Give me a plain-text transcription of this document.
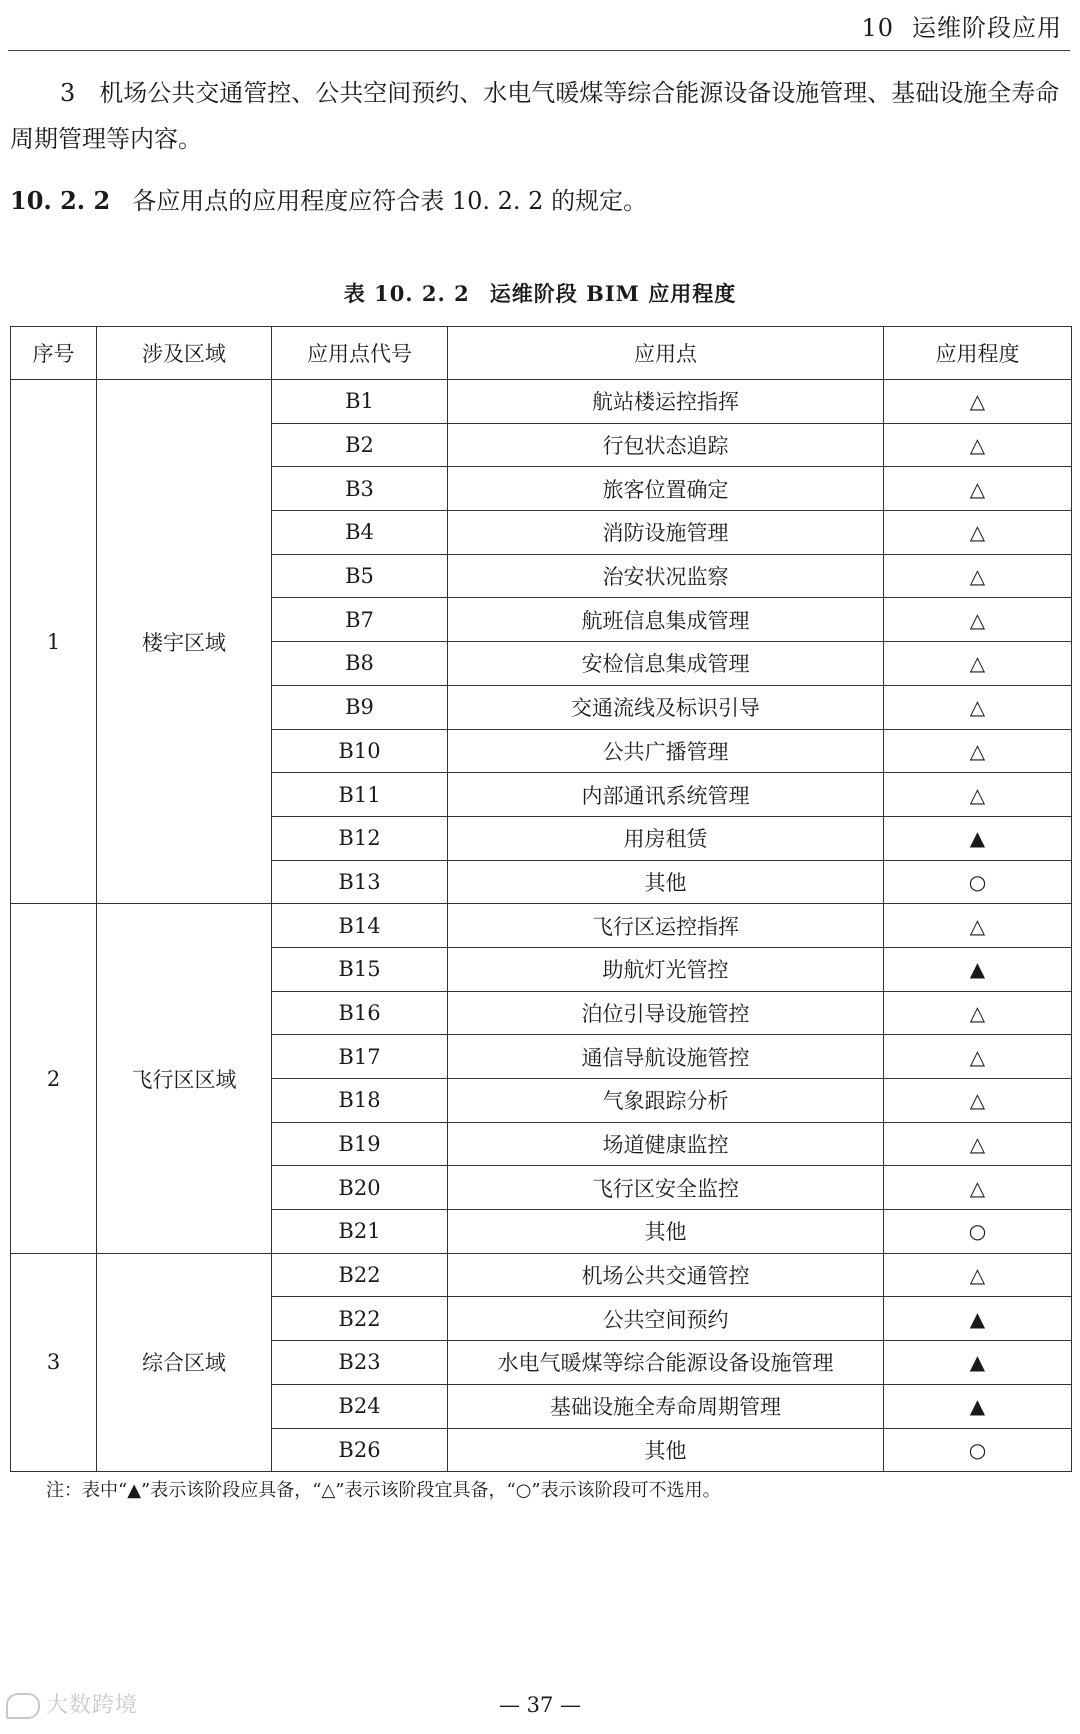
10 运维阶段应用
3　机场公共交通管控、公共空间预约、水电气暖煤等综合能源设备设施管理、基础设施全寿命周期管理等内容。
10. 2. 2 各应用点的应用程度应符合表 10. 2. 2 的规定。
表 10. 2. 2 运维阶段 BIM 应用程度
序号	涉及区域	应用点代号	应用点	应用程度
1	楼宇区域	B1	航站楼运控指挥	△
		B2	行包状态追踪	△
		B3	旅客位置确定	△
		B4	消防设施管理	△
		B5	治安状况监察	△
		B7	航班信息集成管理	△
		B8	安检信息集成管理	△
		B9	交通流线及标识引导	△
		B10	公共广播管理	△
		B11	内部通讯系统管理	△
		B12	用房租赁	▲
		B13	其他	○
2	飞行区区域	B14	飞行区运控指挥	△
		B15	助航灯光管控	▲
		B16	泊位引导设施管控	△
		B17	通信导航设施管控	△
		B18	气象跟踪分析	△
		B19	场道健康监控	△
		B20	飞行区安全监控	△
		B21	其他	○
3	综合区域	B22	机场公共交通管控	△
		B22	公共空间预约	▲
		B23	水电气暖煤等综合能源设备设施管理	▲
		B24	基础设施全寿命周期管理	▲
		B26	其他	○
注：表中“▲”表示该阶段应具备，“△”表示该阶段宜具备，“○”表示该阶段可不选用。
大数跨境	— 37 —
